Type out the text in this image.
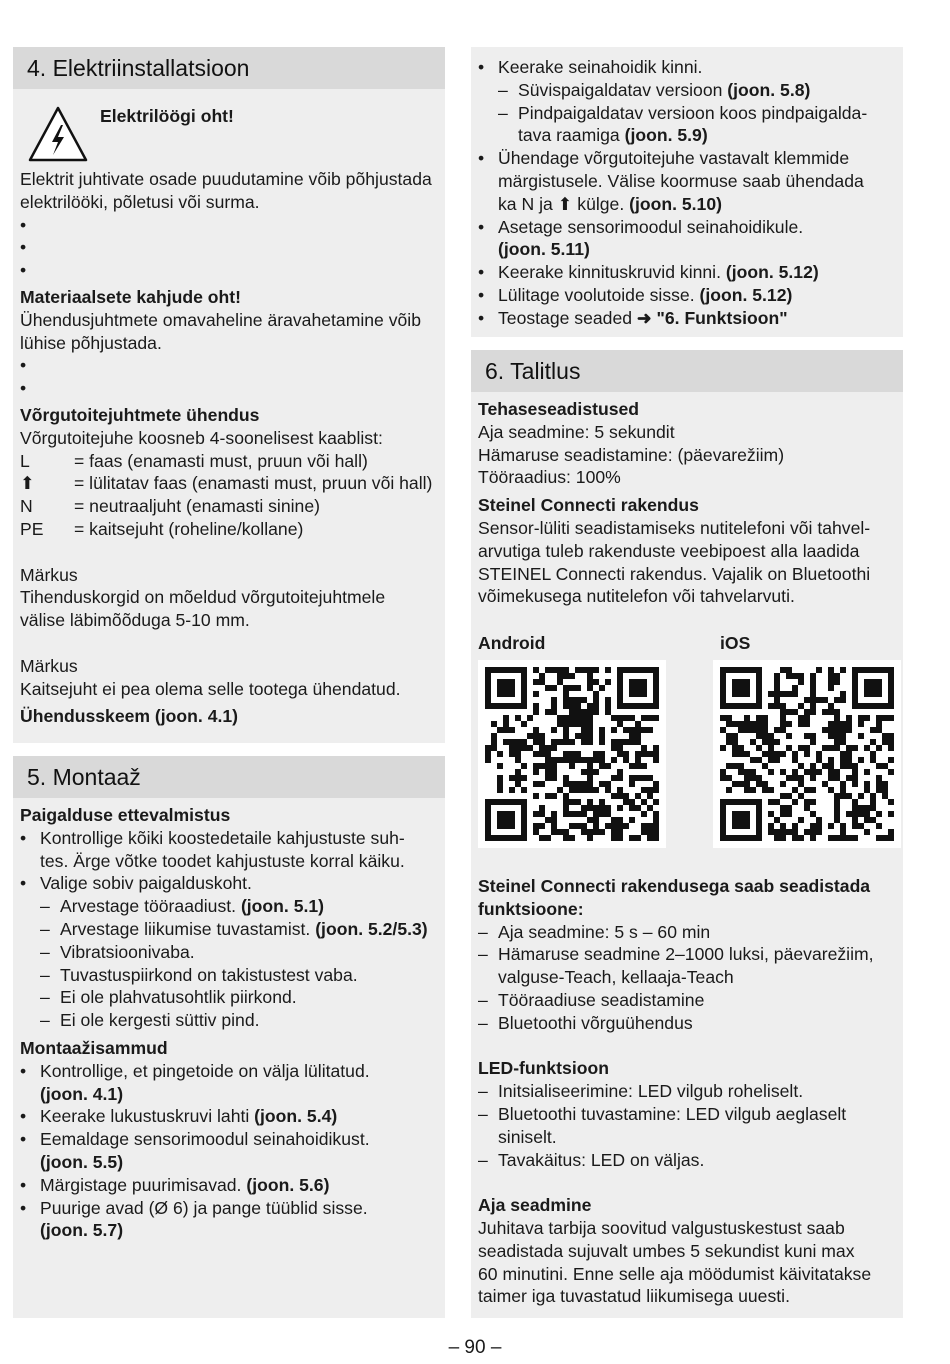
4. Elektriinstallatsioon
Elektrilöögi oht!
5. Montaaž
6. Talitlus
– 90 –
Elektrit juhtivate osade puudutamine võib põhjustada
elektrilööki, põletusi või surma.
Materiaalsete kahjude oht!
Ühendusjuhtmete omavaheline äravahetamine võib
lühise põhjustada.
Võrgutoitejuhtmete ühendus
Võrgutoitejuhe koosneb 4-soonelisest kaablist:
L	= faas (enamasti must, pruun või hall)
⬆ = lülitatav faas (enamasti must, pruun või hall)
N = neutraaljuht (enamasti sinine)
PE = kaitsejuht (roheline/kollane)
Märkus
Tihenduskorgid on mõeldud võrgutoitejuhtmele
välise läbimõõduga 5-10 mm.
Märkus
Kaitsejuht ei pea olema selle tootega ühendatud.
Ühendusskeem (joon. 4.1)
Paigalduse ettevalmistus
• Kontrollige kõiki koostedetaile kahjustuste suh-
tes. Ärge võtke toodet kahjustuste korral käiku.
• Valige sobiv paigalduskoht.
– Arvestage tööraadiust. (joon. 5.1)
– Arvestage liikumise tuvastamist. (joon. 5.2/5.3)
– Vibratsioonivaba.
– Tuvastuspiirkond on takistustest vaba.
– Ei ole plahvatusohtlik piirkond.
– Ei ole kergesti süttiv pind.
Montaažisammud
• Kontrollige, et pingetoide on välja lülitatud.
(joon. 4.1)
• Keerake lukustuskruvi lahti (joon. 5.4)
• Eemaldage sensorimoodul seinahoidikust.
(joon. 5.5)
• Märgistage puurimisavad. (joon. 5.6)
• Puurige avad (Ø 6) ja pange tüüblid sisse.
(joon. 5.7)
• Keerake seinahoidik kinni.
– Süvispaigaldatav versioon (joon. 5.8)
– Pindpaigaldatav versioon koos pindpaigalda-
tava raamiga (joon. 5.9)
• Ühendage võrgutoitejuhe vastavalt klemmide
märgistusele. Välise koormuse saab ühendada
ka N ja ⬆ külge. (joon. 5.10)
• Asetage sensorimoodul seinahoidikule.
(joon. 5.11)
• Keerake kinnituskruvid kinni. (joon. 5.12)
• Lülitage voolutoide sisse. (joon. 5.12)
• Teostage seaded ➜ "6. Funktsioon"
Tehaseseadistused
Aja seadmine: 5 sekundit
Hämaruse seadistamine: (päevarežiim)
Tööraadius: 100%
Steinel Connecti rakendus
Sensor-lüliti seadistamiseks nutitelefoni või tahvel-
arvutiga tuleb rakenduste veebipoest alla laadida
STEINEL Connecti rakendus. Vajalik on Bluetoothi
võimekusega nutitelefon või tahvelarvuti.
Android	iOS
Steinel Connecti rakendusega saab seadistada
funktsioone:
– Aja seadmine: 5 s – 60 min
– Hämaruse seadmine 2–1000 luksi, päevarežiim,
valguse-Teach, kellaaja-Teach
– Tööraadiuse seadistamine
– Bluetoothi võrguühendus
LED-funktsioon
– Initsialiseerimine: LED vilgub roheliselt.
– Bluetoothi tuvastamine: LED vilgub aeglaselt
siniselt.
– Tavakäitus: LED on väljas.
Aja seadmine
Juhitava tarbija soovitud valgustuskestust saab
seadistada sujuvalt umbes 5 sekundist kuni max
60 minutini. Enne selle aja möödumist käivitatakse
taimer iga tuvastatud liikumisega uuesti.
